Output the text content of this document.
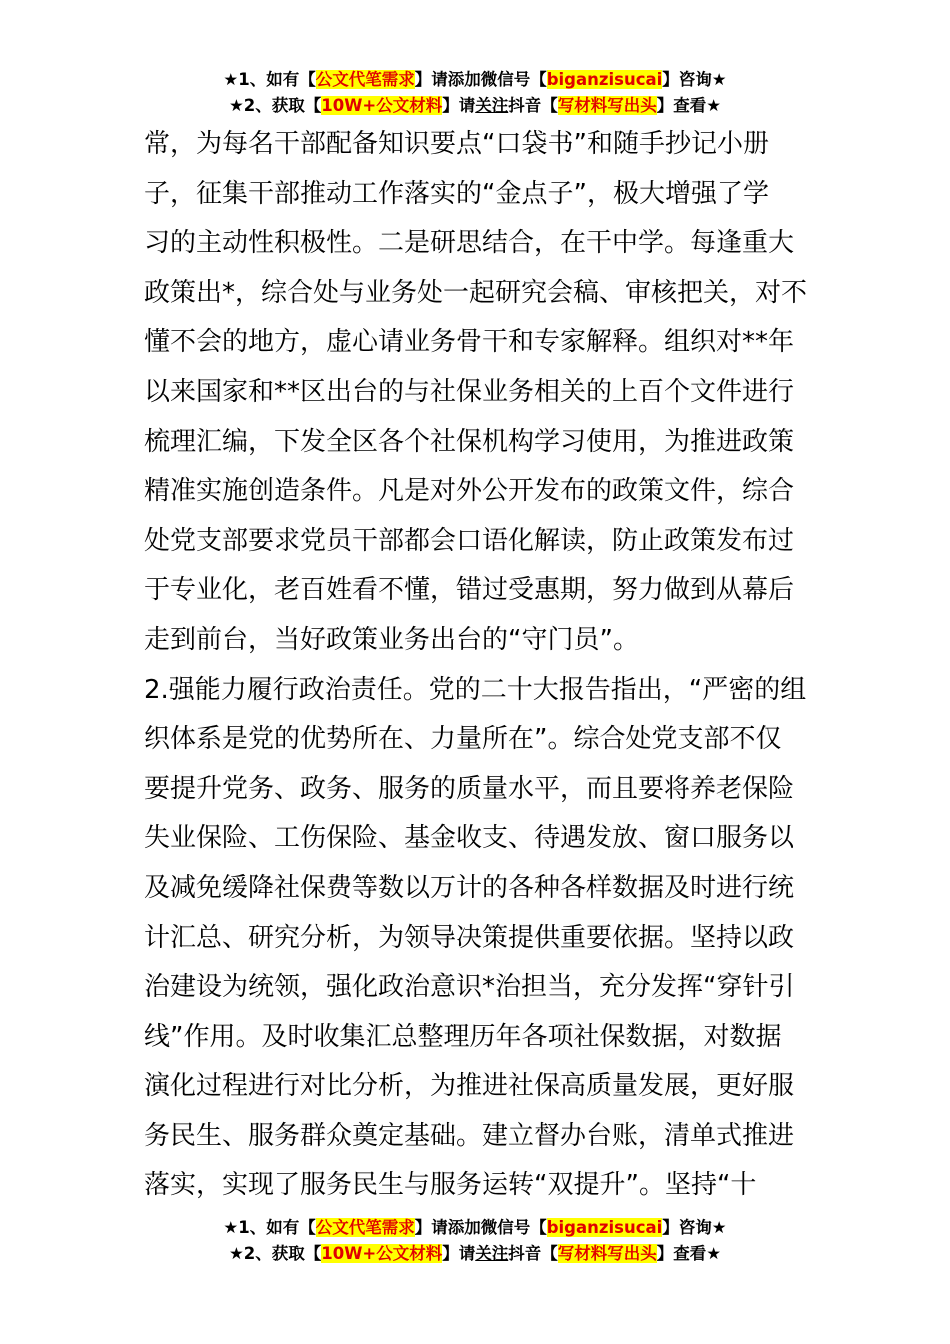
★1、如有【公文代笔需求】请添加微信号【biganzisucai】咨询★
★2、获取【10W+公文材料】请关注抖音【写材料写出头】查看★
常，为每名干部配备知识要点“口袋书”和随手抄记小册
子，征集干部推动工作落实的“金点子”，极大增强了学
习的主动性积极性。二是研思结合，在干中学。每逢重大
政策出*，综合处与业务处一起研究会稿、审核把关，对不
懂不会的地方，虚心请业务骨干和专家解释。组织对**年
以来国家和**区出台的与社保业务相关的上百个文件进行
梳理汇编，下发全区各个社保机构学习使用，为推进政策
精准实施创造条件。凡是对外公开发布的政策文件，综合
处党支部要求党员干部都会口语化解读，防止政策发布过
于专业化，老百姓看不懂，错过受惠期，努力做到从幕后
走到前台，当好政策业务出台的“守门员”。
2.强能力履行政治责任。党的二十大报告指出，“严密的组
织体系是党的优势所在、力量所在”。综合处党支部不仅
要提升党务、政务、服务的质量水平，而且要将养老保险
失业保险、工伤保险、基金收支、待遇发放、窗口服务以
及减免缓降社保费等数以万计的各种各样数据及时进行统
计汇总、研究分析，为领导决策提供重要依据。坚持以政
治建设为统领，强化政治意识*治担当，充分发挥“穿针引
线”作用。及时收集汇总整理历年各项社保数据，对数据
演化过程进行对比分析，为推进社保高质量发展，更好服
务民生、服务群众奠定基础。建立督办台账，清单式推进
落实，实现了服务民生与服务运转“双提升”。坚持“十
★1、如有【公文代笔需求】请添加微信号【biganzisucai】咨询★
★2、获取【10W+公文材料】请关注抖音【写材料写出头】查看★
